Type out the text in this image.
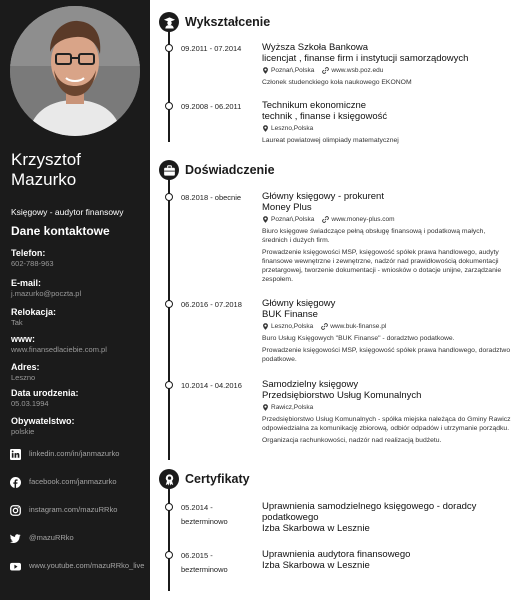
Krzysztof
Mazurko
Księgowy - audytor finansowy
Dane kontaktowe
Telefon:
602-788-963
E-mail:
j.mazurko@poczta.pl
Relokacja:
Tak
www:
www.finansedlaciebie.com.pl
Adres:
Leszno
Data urodzenia:
05.03.1994
Obywatelstwo:
polskie
linkedin.com/in/janmazurko
facebook.com/janmazurko
instagram.com/mazuRRko
@mazuRRko
www.youtube.com/mazuRRko_live
Wykształcenie
09.2011 - 07.2014 Wyższa Szkoła Bankowa
licencjat , finanse firm i instytucji samorządowych
Poznań,Polska	www.wsb.poz.edu
Członek studenckiego koła naukowego EKONOM
09.2008 - 06.2011 Technikum ekonomiczne
technik , finanse i księgowość
Leszno,Polska
Laureat powiatowej olimpiady matematycznej
Doświadczenie
08.2018 - obecnie Główny księgowy - prokurent
Money Plus
Poznań,Polska	www.money-plus.com
Biuro księgowe świadczące pełną obsługę finansową i podatkową małych, średnich i dużych firm.
Prowadzenie księgowości MSP, księgowość spółek prawa handlowego, audyty finansowe wewnętrzne i zewnętrzne, nadzór nad prawidłowością dokumentacji przetargowej, tworzenie dokumentacji - wniosków o dotacje unijne, zarządzanie zespołem.
06.2016 - 07.2018 Główny księgowy
BUK Finanse
Leszno,Polska	www.buk-finanse.pl
Buro Usług Księgowych "BUK Finanse" - doradztwo podatkowe.
Prowadzenie księgowości MSP, księgowość spółek prawa handlowego, doradztwo podatkowe.
10.2014 - 04.2016 Samodzielny księgowy
Przedsiębiorstwo Usług Komunalnych
Rawicz,Polska
Przedsiębiorstwo Usług Komunalnych - spółka miejska należąca do Gminy Rawicz odpowiedzialna za komunikację zbiorową, odbiór odpadów i utrzymanie porządku.
Organizacja rachunkowości, nadzór nad realizacją budżetu.
Certyfikaty
05.2014 -
bezterminowo
Uprawnienia samodzielnego księgowego - doradcy
podatkowego
Izba Skarbowa w Lesznie
06.2015 -
bezterminowo
Uprawnienia audytora finansowego
Izba Skarbowa w Lesznie
